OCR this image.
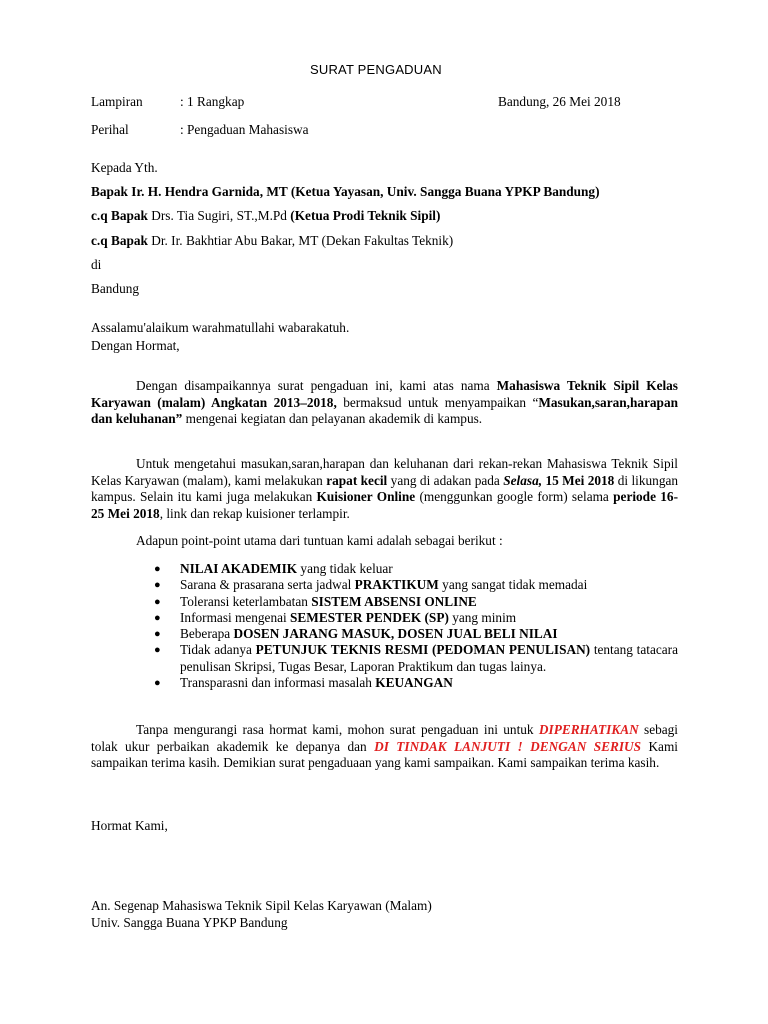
SURAT PENGADUAN
Lampiran	: 1 Rangkap	Bandung, 26 Mei 2018
Perihal	: Pengaduan Mahasiswa
Kepada Yth.
Bapak Ir. H. Hendra Garnida, MT (Ketua Yayasan, Univ. Sangga Buana YPKP Bandung)
c.q Bapak Drs. Tia Sugiri, ST.,M.Pd (Ketua Prodi Teknik Sipil)
c.q Bapak Dr. Ir. Bakhtiar Abu Bakar, MT (Dekan Fakultas Teknik)
di
Bandung
Assalamu'alaikum warahmatullahi wabarakatuh.
Dengan Hormat,
Dengan disampaikannya surat pengaduan ini, kami atas nama Mahasiswa Teknik Sipil Kelas Karyawan (malam) Angkatan 2013–2018, bermaksud untuk menyampaikan “Masukan,saran,harapan dan keluhanan” mengenai kegiatan dan pelayanan akademik di kampus.
Untuk mengetahui masukan,saran,harapan dan keluhanan dari rekan-rekan Mahasiswa Teknik Sipil Kelas Karyawan (malam), kami melakukan rapat kecil yang di adakan pada Selasa, 15 Mei 2018 di likungan kampus. Selain itu kami juga melakukan Kuisioner Online (menggunkan google form) selama periode 16-25 Mei 2018, link dan rekap kuisioner terlampir.
Adapun point-point utama dari tuntuan kami adalah sebagai berikut :
● NILAI AKADEMIK yang tidak keluar
● Sarana & prasarana serta jadwal PRAKTIKUM yang sangat tidak memadai
● Toleransi keterlambatan SISTEM ABSENSI ONLINE
● Informasi mengenai SEMESTER PENDEK (SP) yang minim
● Beberapa DOSEN JARANG MASUK, DOSEN JUAL BELI NILAI
● Tidak adanya PETUNJUK TEKNIS RESMI (PEDOMAN PENULISAN) tentang tatacara penulisan Skripsi, Tugas Besar, Laporan Praktikum dan tugas lainya.
● Transparasni dan informasi masalah KEUANGAN
Tanpa mengurangi rasa hormat kami, mohon surat pengaduan ini untuk DIPERHATIKAN sebagi tolak ukur perbaikan akademik ke depanya dan DI TINDAK LANJUTI ! DENGAN SERIUS Kami sampaikan terima kasih. Demikian surat pengaduaan yang kami sampaikan. Kami sampaikan terima kasih.
Hormat Kami,
An. Segenap Mahasiswa Teknik Sipil Kelas Karyawan (Malam)
Univ. Sangga Buana YPKP Bandung
